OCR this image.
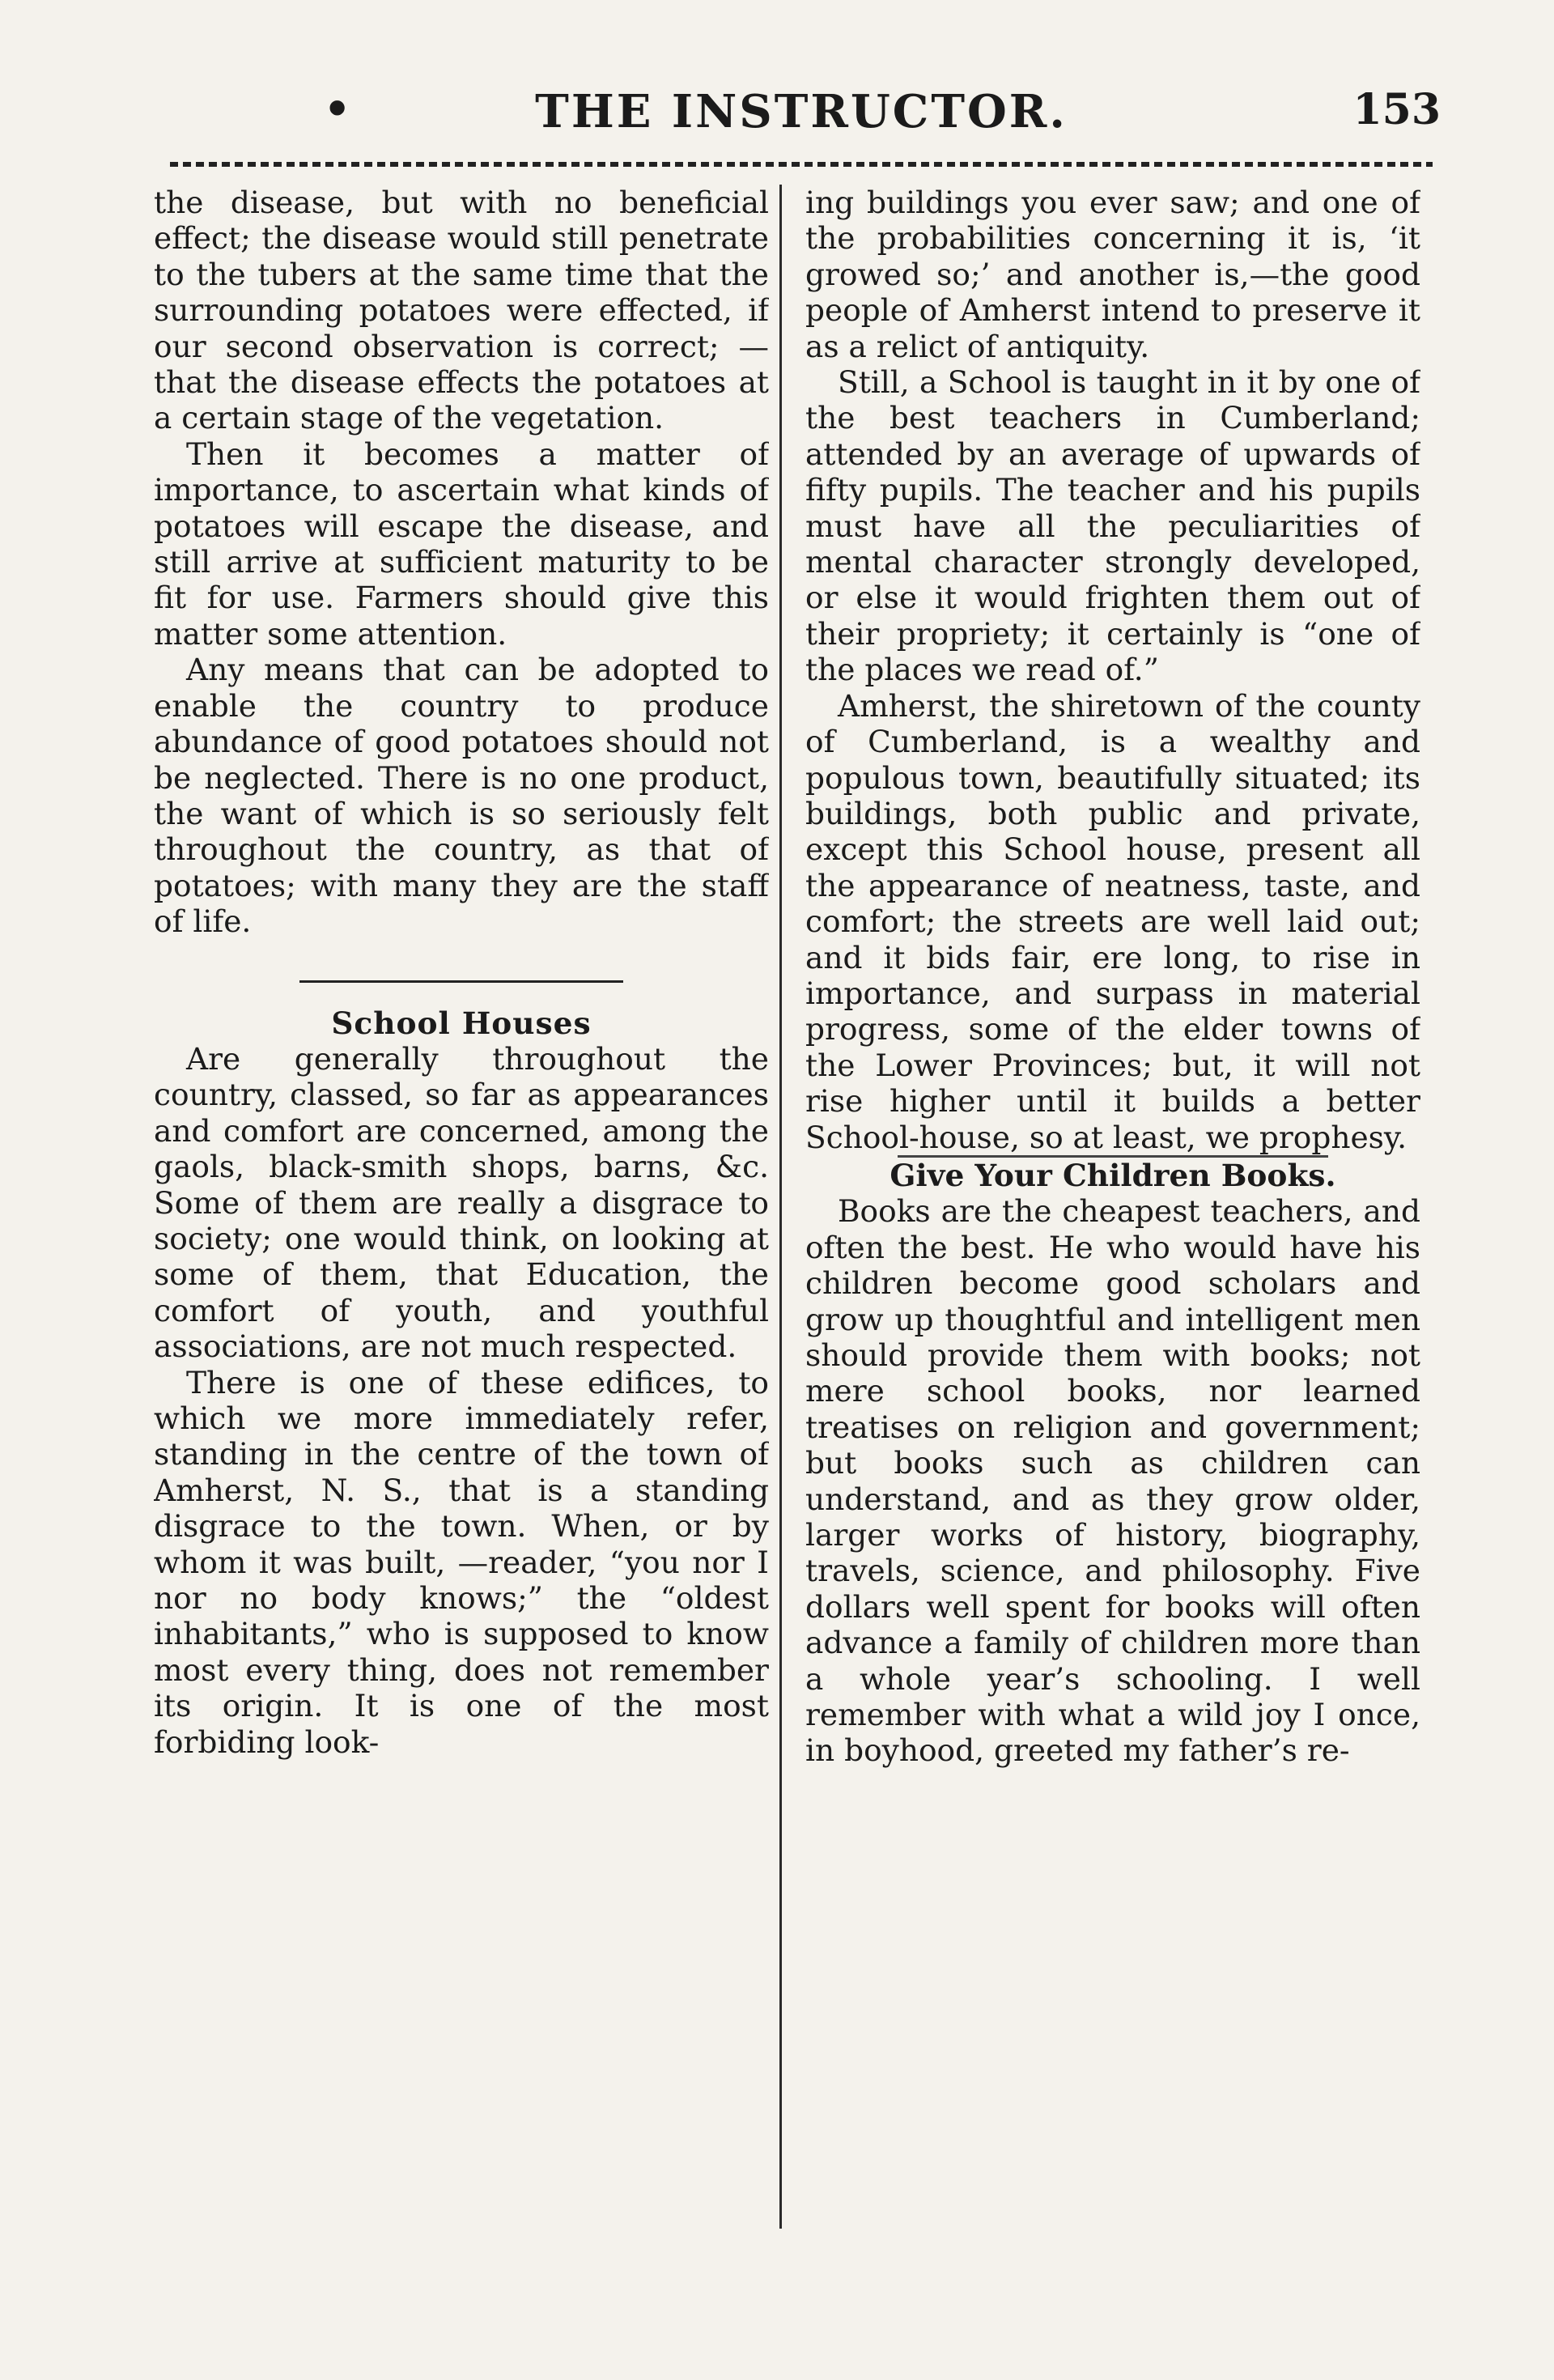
•	THE INSTRUCTOR.	153

the disease, but with no beneficial effect; the disease would still penetrate to the tubers at the same time that the surrounding potatoes were effected, if our second observation is correct; —that the disease effects the potatoes at a certain stage of the vegetation.

Then it becomes a matter of importance, to ascertain what kinds of potatoes will escape the disease, and still arrive at sufficient maturity to be fit for use. Farmers should give this matter some attention.

Any means that can be adopted to enable the country to produce abundance of good potatoes should not be neglected. There is no one product, the want of which is so seriously felt throughout the country, as that of potatoes; with many they are the staff of life.

School Houses

Are generally throughout the country, classed, so far as appearances and comfort are concerned, among the gaols, black-smith shops, barns, &c. Some of them are really a disgrace to society; one would think, on looking at some of them, that Education, the comfort of youth, and youthful associations, are not much respected.

There is one of these edifices, to which we more immediately refer, standing in the centre of the town of Amherst, N. S., that is a standing disgrace to the town. When, or by whom it was built, —reader, “you nor I nor no body knows;” the “oldest inhabitants,” who is supposed to know most every thing, does not remember its origin. It is one of the most forbiding look-

ing buildings you ever saw; and one of the probabilities concerning it is, ‘it growed so;’ and another is,—the good people of Amherst intend to preserve it as a relict of antiquity.

Still, a School is taught in it by one of the best teachers in Cumberland; attended by an average of upwards of fifty pupils. The teacher and his pupils must have all the peculiarities of mental character strongly developed, or else it would frighten them out of their propriety; it certainly is “one of the places we read of.”

Amherst, the shiretown of the county of Cumberland, is a wealthy and populous town, beautifully situated; its buildings, both public and private, except this School house, present all the appearance of neatness, taste, and comfort; the streets are well laid out; and it bids fair, ere long, to rise in importance, and surpass in material progress, some of the elder towns of the Lower Provinces; but, it will not rise higher until it builds a better School-house, so at least, we prophesy.

Give Your Children Books.

Books are the cheapest teachers, and often the best. He who would have his children become good scholars and grow up thoughtful and intelligent men should provide them with books; not mere school books, nor learned treatises on religion and government; but books such as children can understand, and as they grow older, larger works of history, biography, travels, science, and philosophy. Five dollars well spent for books will often advance a family of children more than a whole year’s schooling. I well remember with what a wild joy I once, in boyhood, greeted my father’s re-
